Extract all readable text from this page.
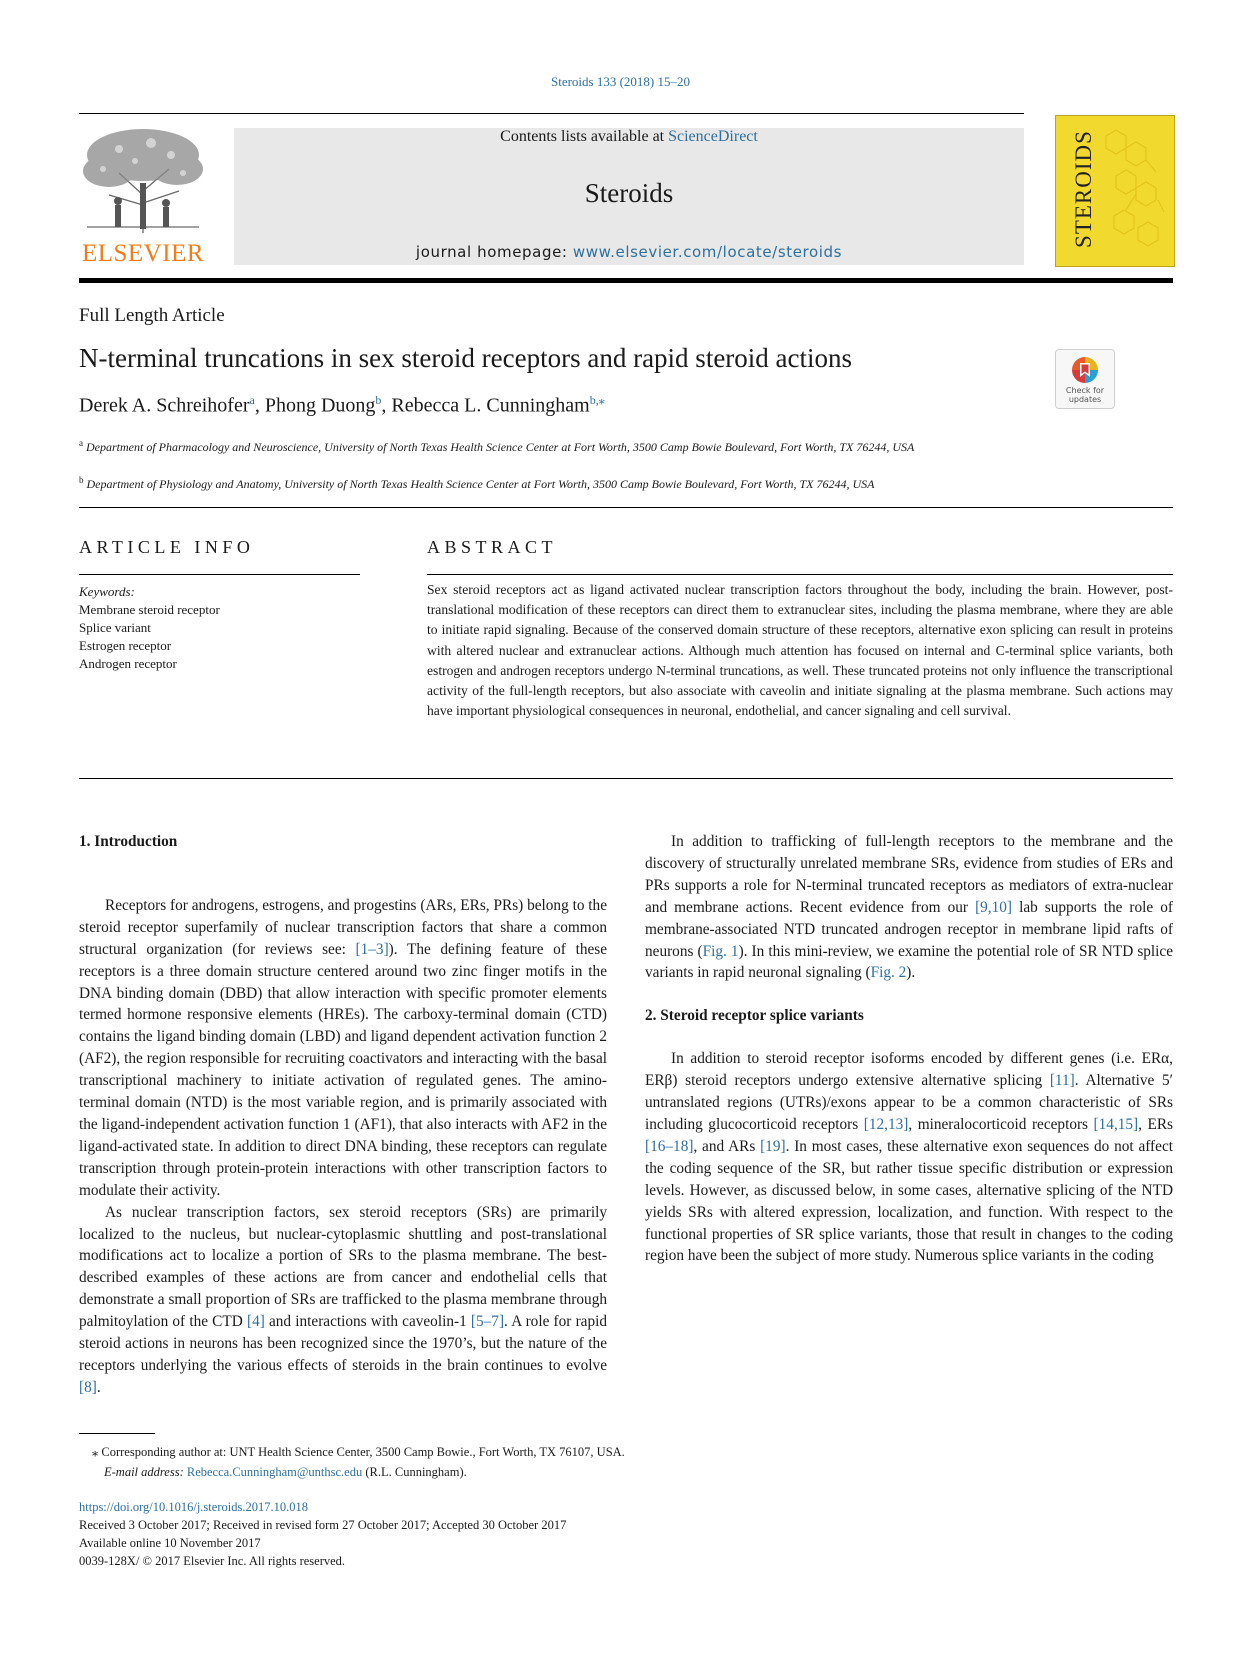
Steroids 133 (2018) 15–20
ELSEVIER
Contents lists available at ScienceDirect
Steroids
journal homepage: www.elsevier.com/locate/steroids
STEROIDS
Full Length Article
N-terminal truncations in sex steroid receptors and rapid steroid actions
Check for
updates
Derek A. Schreihofer$^a$, Phong Duong$^b$, Rebecca L. Cunningham$^{b,⁎}$
$^a$ Department of Pharmacology and Neuroscience, University of North Texas Health Science Center at Fort Worth, 3500 Camp Bowie Boulevard, Fort Worth, TX 76244, USA
$^b$ Department of Physiology and Anatomy, University of North Texas Health Science Center at Fort Worth, 3500 Camp Bowie Boulevard, Fort Worth, TX 76244, USA
ARTICLE INFO	ABSTRACT
Keywords:
Membrane steroid receptor
Splice variant
Estrogen receptor
Androgen receptor
Sex steroid receptors act as ligand activated nuclear transcription factors throughout the body, including the brain. However, post-translational modification of these receptors can direct them to extranuclear sites, including the plasma membrane, where they are able to initiate rapid signaling. Because of the conserved domain structure of these receptors, alternative exon splicing can result in proteins with altered nuclear and extranuclear actions. Although much attention has focused on internal and C-terminal splice variants, both estrogen and androgen receptors undergo N-terminal truncations, as well. These truncated proteins not only influence the transcriptional activity of the full-length receptors, but also associate with caveolin and initiate signaling at the plasma membrane. Such actions may have important physiological consequences in neuronal, endothelial, and cancer signaling and cell survival.
1. Introduction

Receptors for androgens, estrogens, and progestins (ARs, ERs, PRs) belong to the steroid receptor superfamily of nuclear transcription factors that share a common structural organization (for reviews see: [1–3]). The defining feature of these receptors is a three domain structure centered around two zinc finger motifs in the DNA binding domain (DBD) that allow interaction with specific promoter elements termed hormone responsive elements (HREs). The carboxy-terminal domain (CTD) contains the ligand binding domain (LBD) and ligand dependent activation function 2 (AF2), the region responsible for recruiting coactivators and interacting with the basal transcriptional machinery to initiate activation of regulated genes. The amino-terminal domain (NTD) is the most variable region, and is primarily associated with the ligand-independent activation function 1 (AF1), that also interacts with AF2 in the ligand-activated state. In addition to direct DNA binding, these receptors can regulate transcription through protein-protein interactions with other transcription factors to modulate their activity.

As nuclear transcription factors, sex steroid receptors (SRs) are primarily localized to the nucleus, but nuclear-cytoplasmic shuttling and post-translational modifications act to localize a portion of SRs to the plasma membrane. The best-described examples of these actions are from cancer and endothelial cells that demonstrate a small proportion of SRs are trafficked to the plasma membrane through palmitoylation of the CTD [4] and interactions with caveolin-1 [5–7]. A role for rapid steroid actions in neurons has been recognized since the 1970’s, but the nature of the receptors underlying the various effects of steroids in the brain continues to evolve [8].

In addition to trafficking of full-length receptors to the membrane and the discovery of structurally unrelated membrane SRs, evidence from studies of ERs and PRs supports a role for N-terminal truncated receptors as mediators of extra-nuclear and membrane actions. Recent evidence from our [9,10] lab supports the role of membrane-associated NTD truncated androgen receptor in membrane lipid rafts of neurons (Fig. 1). In this mini-review, we examine the potential role of SR NTD splice variants in rapid neuronal signaling (Fig. 2).

2. Steroid receptor splice variants

In addition to steroid receptor isoforms encoded by different genes (i.e. ERα, ERβ) steroid receptors undergo extensive alternative splicing [11]. Alternative 5′ untranslated regions (UTRs)/exons appear to be a common characteristic of SRs including glucocorticoid receptors [12,13], mineralocorticoid receptors [14,15], ERs [16–18], and ARs [19]. In most cases, these alternative exon sequences do not affect the coding sequence of the SR, but rather tissue specific distribution or expression levels. However, as discussed below, in some cases, alternative splicing of the NTD yields SRs with altered expression, localization, and function. With respect to the functional properties of SR splice variants, those that result in changes to the coding region have been the subject of more study. Numerous splice variants in the coding

⁎ Corresponding author at: UNT Health Science Center, 3500 Camp Bowie., Fort Worth, TX 76107, USA.
E-mail address: Rebecca.Cunningham@unthsc.edu (R.L. Cunningham).
https://doi.org/10.1016/j.steroids.2017.10.018
Received 3 October 2017; Received in revised form 27 October 2017; Accepted 30 October 2017
Available online 10 November 2017
0039-128X/ © 2017 Elsevier Inc. All rights reserved.
